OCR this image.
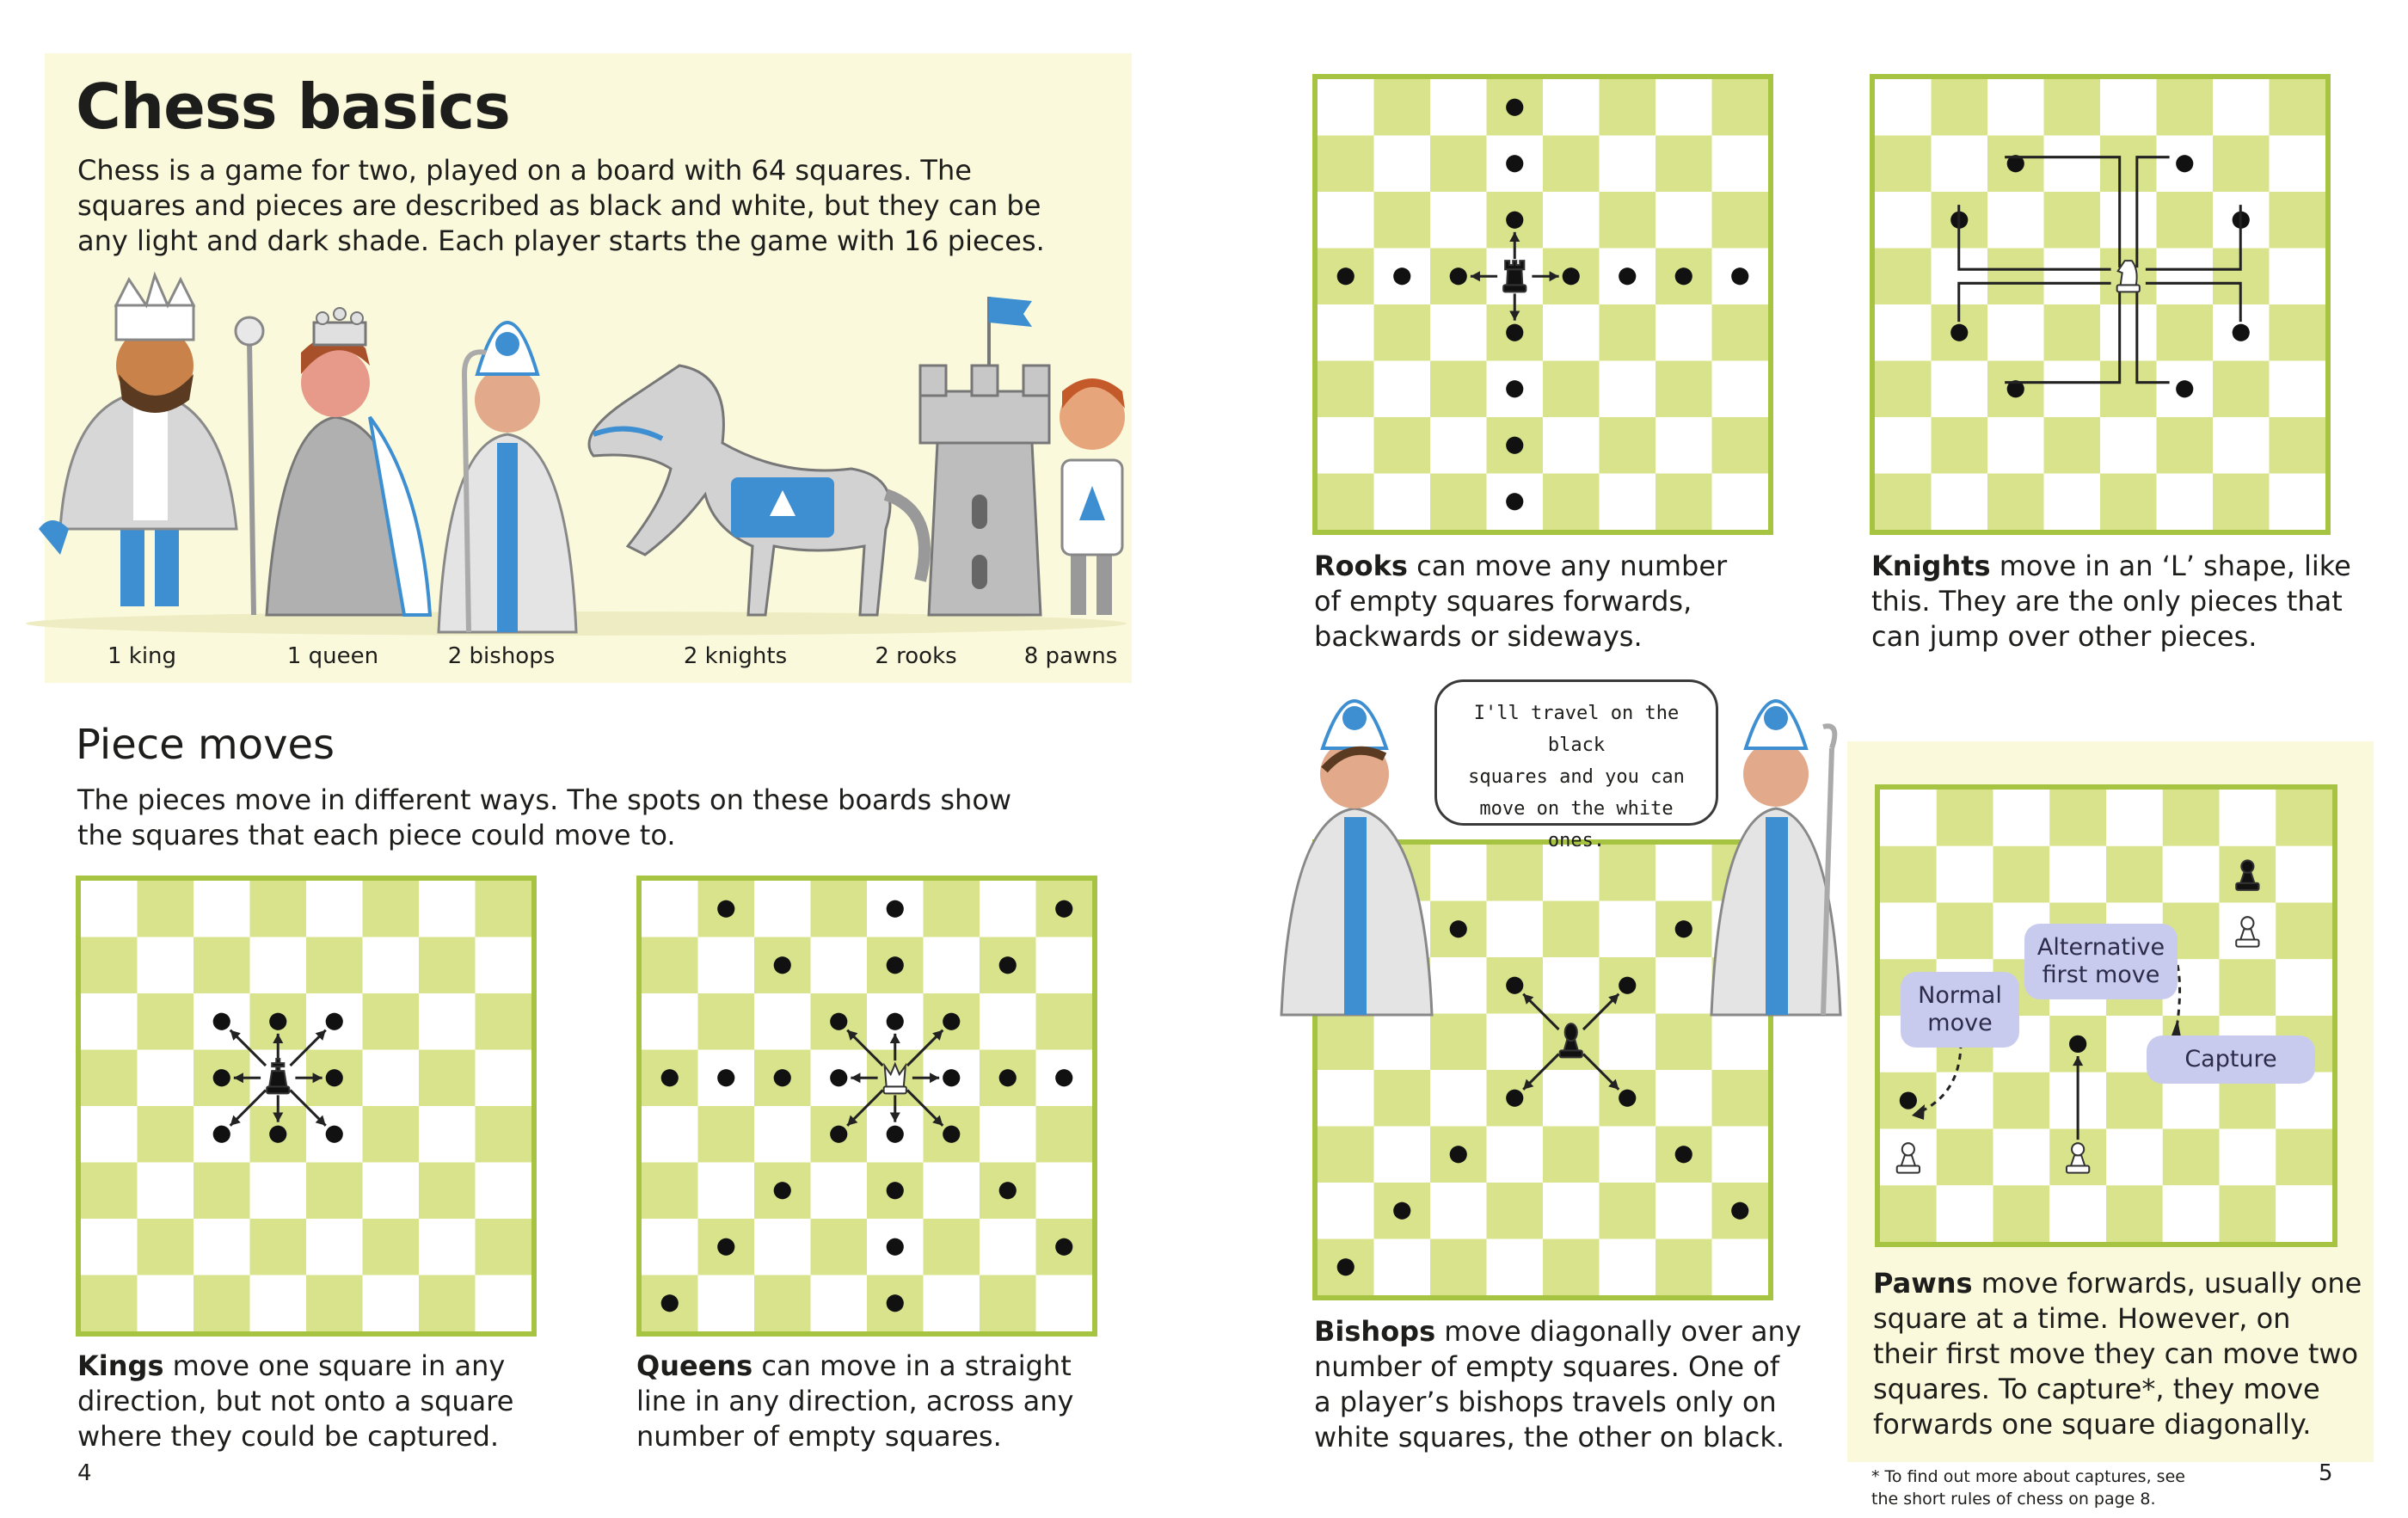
Chess basics
Chess is a game for two, played on a board with 64 squares. The
squares and pieces are described as black and white, but they can be
any light and dark shade. Each player starts the game with 16 pieces.
1 king	1 queen	2 bishops	2 knights	2 rooks	8 pawns
Piece moves
The pieces move in different ways. The spots on these boards show
the squares that each piece could move to.
Kings move one square in any
direction, but not onto a square
where they could be captured.
Queens can move in a straight
line in any direction, across any
number of empty squares.
4
Rooks can move any number
of empty squares forwards,
backwards or sideways.
Knights move in an ‘L’ shape, like
this. They are the only pieces that
can jump over other pieces.
I'll travel on the black
squares and you can
move on the white ones.
Bishops move diagonally over any
number of empty squares. One of
a player’s bishops travels only on
white squares, the other on black.
Normal
move
Alternative
first move
Capture
Pawns move forwards, usually one
square at a time. However, on
their first move they can move two
squares. To capture*, they move
forwards one square diagonally.
* To find out more about captures, see
the short rules of chess on page 8.
5
